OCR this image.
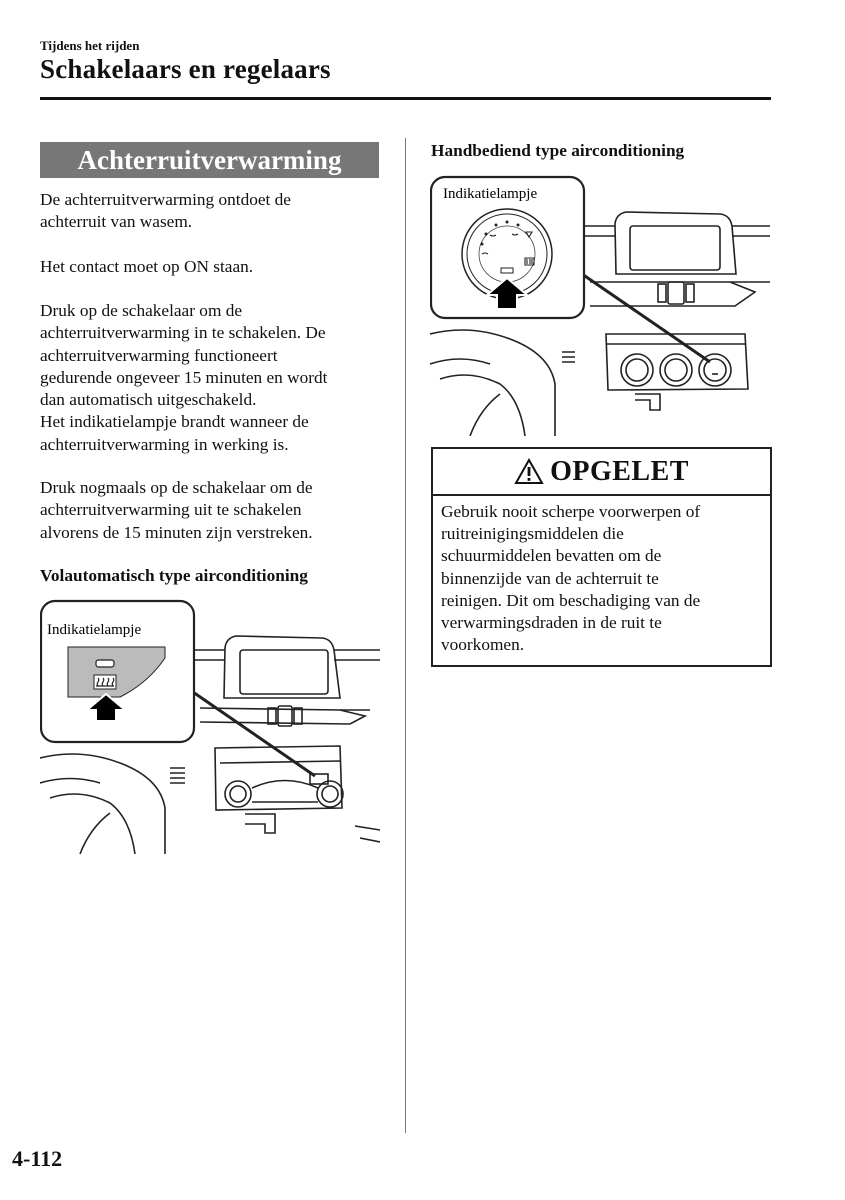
Tijdens het rijden
Schakelaars en regelaars
Achterruitverwarming
De achterruitverwarming ontdoet de
achterruit van wasem.
Het contact moet op ON staan.
Druk op de schakelaar om de
achterruitverwarming in te schakelen. De
achterruitverwarming functioneert
gedurende ongeveer 15 minuten en wordt
dan automatisch uitgeschakeld.
Het indikatielampje brandt wanneer de
achterruitverwarming in werking is.
Druk nogmaals op de schakelaar om de
achterruitverwarming uit te schakelen
alvorens de 15 minuten zijn verstreken.
Volautomatisch type airconditioning
Indikatielampje
Handbediend type airconditioning
Indikatielampje
OPGELET
Gebruik nooit scherpe voorwerpen of
ruitreinigingsmiddelen die
schuurmiddelen bevatten om de
binnenzijde van de achterruit te
reinigen. Dit om beschadiging van de
verwarmingsdraden in de ruit te
voorkomen.
4-112
